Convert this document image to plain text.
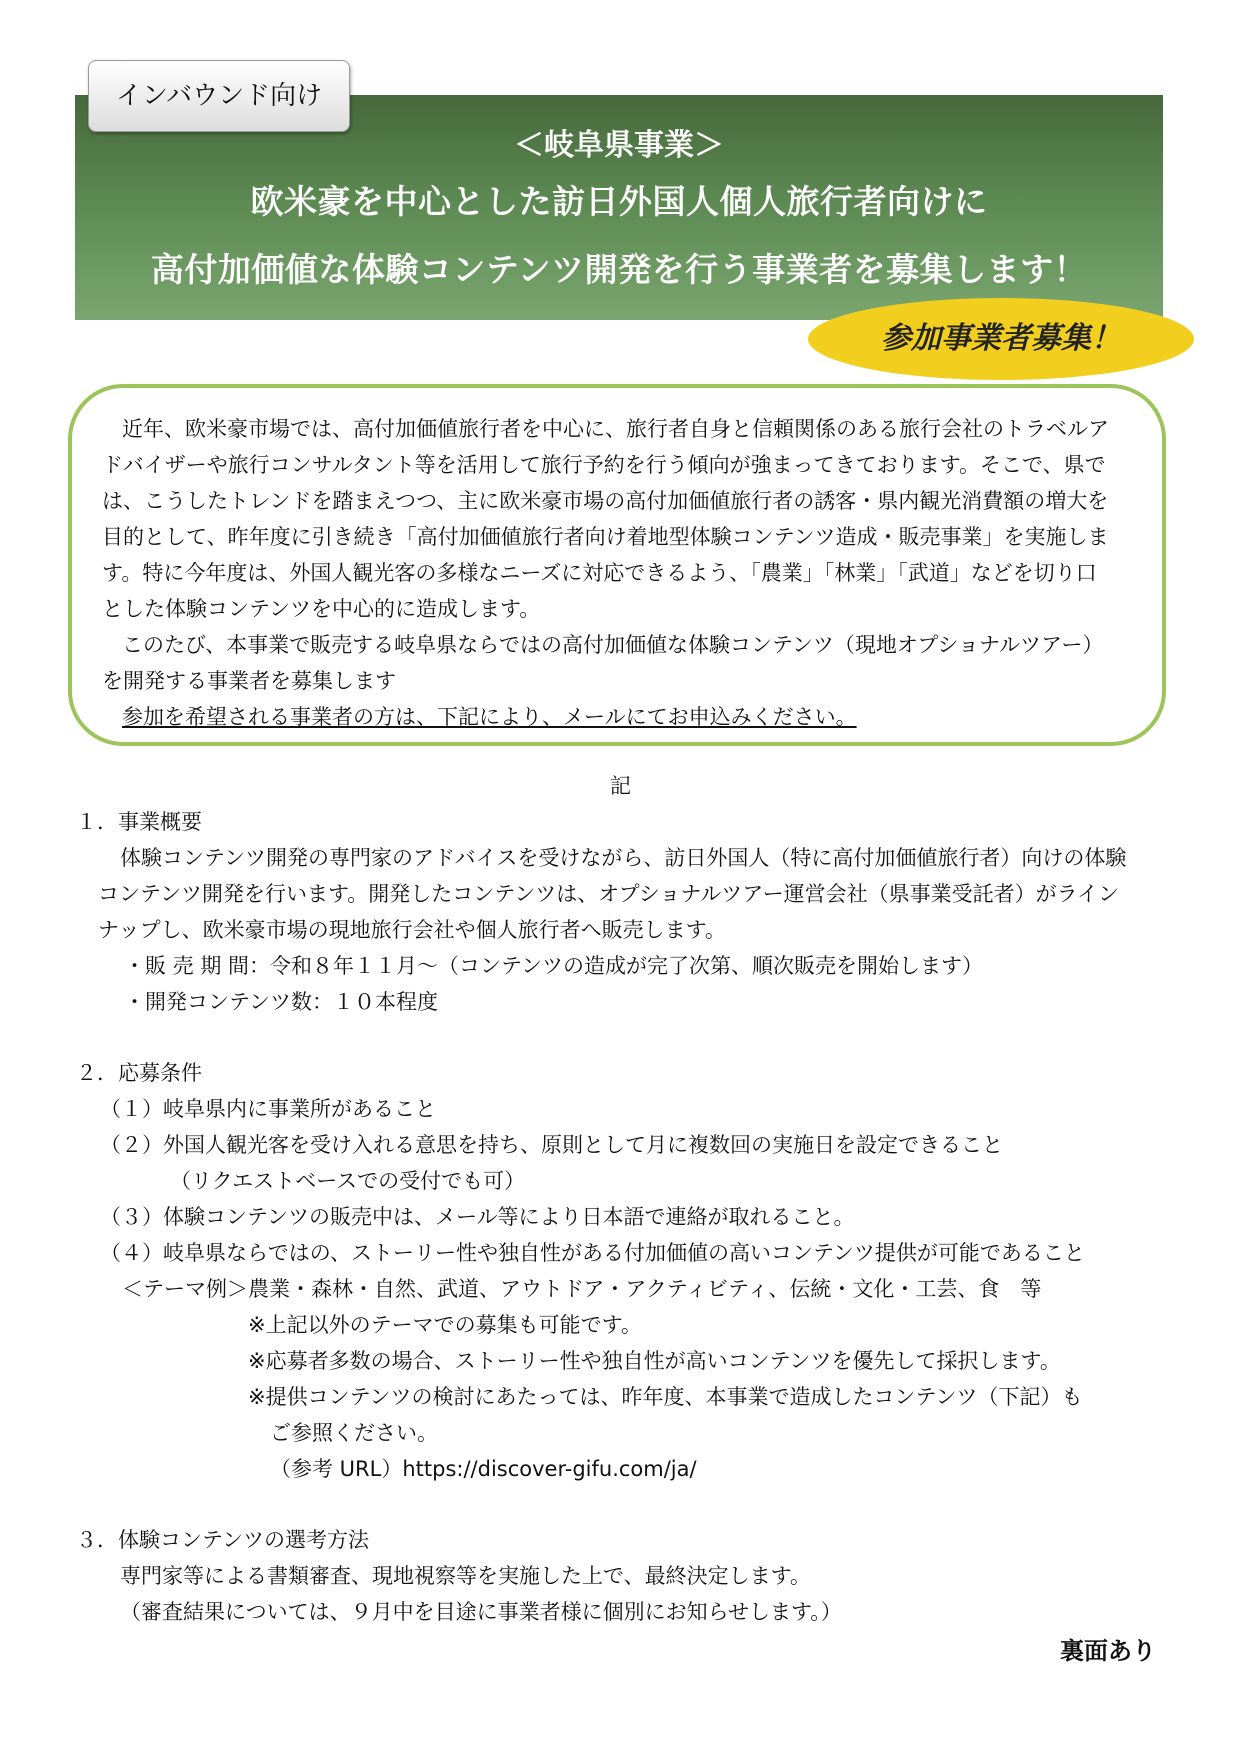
インバウンド向け
＜岐阜県事業＞
欧米豪を中心とした訪日外国人個人旅行者向けに
高付加価値な体験コンテンツ開発を行う事業者を募集します！
参加事業者募集！
近年、欧米豪市場では、高付加価値旅行者を中心に、旅行者自身と信頼関係のある旅行会社のトラベルア
ドバイザーや旅行コンサルタント等を活用して旅行予約を行う傾向が強まってきております。そこで、県で
は、こうしたトレンドを踏まえつつ、主に欧米豪市場の高付加価値旅行者の誘客・県内観光消費額の増大を
目的として、昨年度に引き続き「高付加価値旅行者向け着地型体験コンテンツ造成・販売事業」を実施しま
す。特に今年度は、外国人観光客の多様なニーズに対応できるよう、「農業」「林業」「武道」などを切り口
とした体験コンテンツを中心的に造成します。
このたび、本事業で販売する岐阜県ならではの高付加価値な体験コンテンツ（現地オプショナルツアー）
を開発する事業者を募集します
参加を希望される事業者の方は、下記により、メールにてお申込みください。
記
１．事業概要
体験コンテンツ開発の専門家のアドバイスを受けながら、訪日外国人（特に高付加価値旅行者）向けの体験
コンテンツ開発を行います。開発したコンテンツは、オプショナルツアー運営会社（県事業受託者）がライン
ナップし、欧米豪市場の現地旅行会社や個人旅行者へ販売します。
・販 売 期 間：令和８年１１月～（コンテンツの造成が完了次第、順次販売を開始します）
・開発コンテンツ数：１０本程度
２．応募条件
（１）岐阜県内に事業所があること
（２）外国人観光客を受け入れる意思を持ち、原則として月に複数回の実施日を設定できること
（リクエストベースでの受付でも可）
（３）体験コンテンツの販売中は、メール等により日本語で連絡が取れること。
（４）岐阜県ならではの、ストーリー性や独自性がある付加価値の高いコンテンツ提供が可能であること
＜テーマ例＞農業・森林・自然、武道、アウトドア・アクティビティ、伝統・文化・工芸、食　等
※上記以外のテーマでの募集も可能です。
※応募者多数の場合、ストーリー性や独自性が高いコンテンツを優先して採択します。
※提供コンテンツの検討にあたっては、昨年度、本事業で造成したコンテンツ（下記）も
ご参照ください。
（参考 URL）https://discover-gifu.com/ja/
３．体験コンテンツの選考方法
専門家等による書類審査、現地視察等を実施した上で、最終決定します。
（審査結果については、９月中を目途に事業者様に個別にお知らせします。）
裏面あり
